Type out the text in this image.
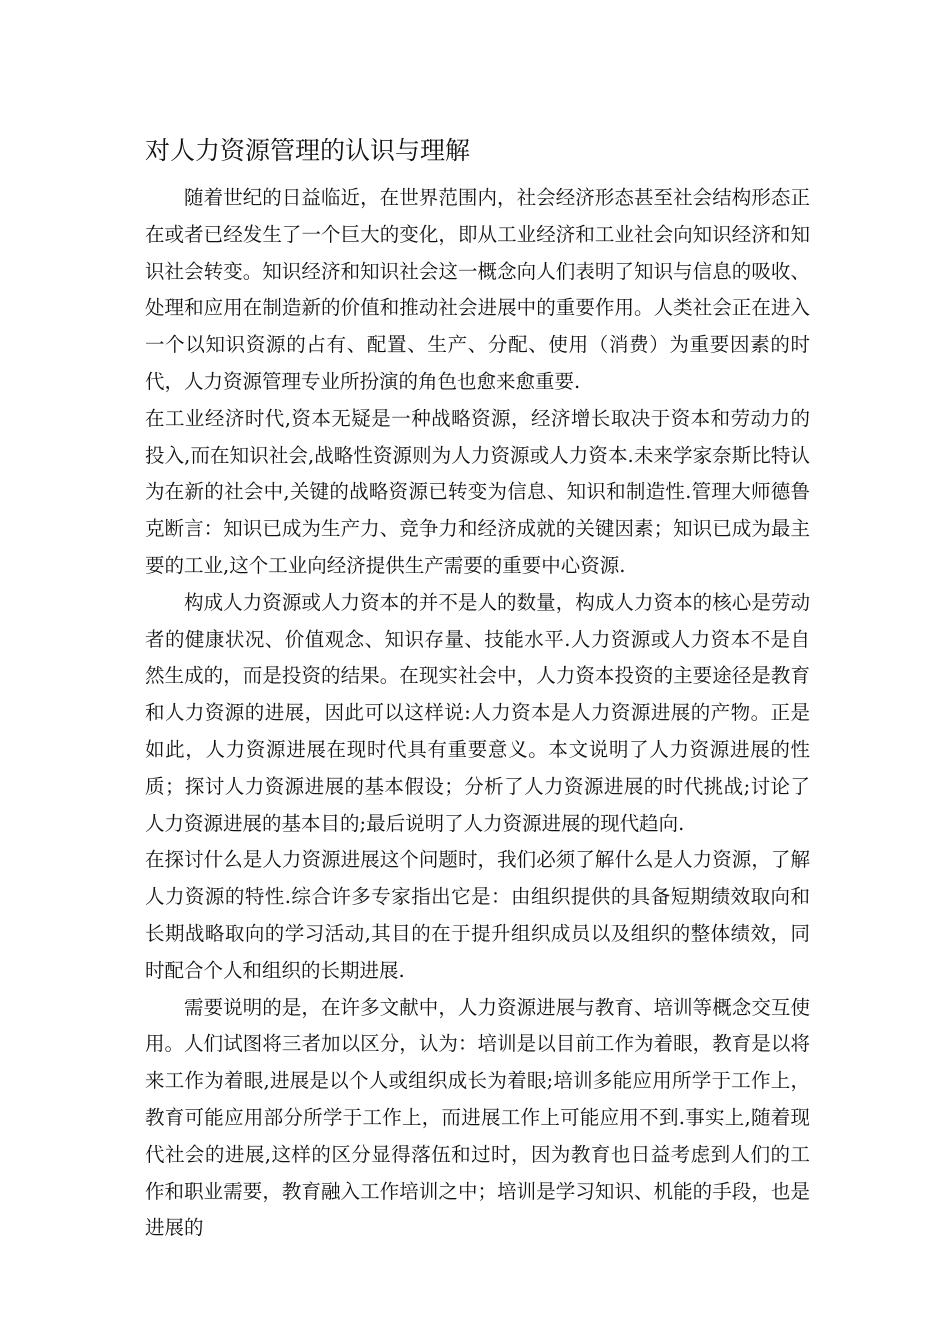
对人力资源管理的认识与理解

随着世纪的日益临近，在世界范围内，社会经济形态甚至社会结构形态正在或者已经发生了一个巨大的变化，即从工业经济和工业社会向知识经济和知识社会转变。知识经济和知识社会这一概念向人们表明了知识与信息的吸收、处理和应用在制造新的价值和推动社会进展中的重要作用。人类社会正在进入一个以知识资源的占有、配置、生产、分配、使用（消费）为重要因素的时代，人力资源管理专业所扮演的角色也愈来愈重要.

在工业经济时代,资本无疑是一种战略资源，经济增长取决于资本和劳动力的投入,而在知识社会,战略性资源则为人力资源或人力资本.未来学家奈斯比特认为在新的社会中,关键的战略资源已转变为信息、知识和制造性.管理大师德鲁克断言：知识已成为生产力、竞争力和经济成就的关键因素；知识已成为最主要的工业,这个工业向经济提供生产需要的重要中心资源.

构成人力资源或人力资本的并不是人的数量，构成人力资本的核心是劳动者的健康状况、价值观念、知识存量、技能水平.人力资源或人力资本不是自然生成的，而是投资的结果。在现实社会中，人力资本投资的主要途径是教育和人力资源的进展，因此可以这样说:人力资本是人力资源进展的产物。正是如此，人力资源进展在现时代具有重要意义。本文说明了人力资源进展的性质；探讨人力资源进展的基本假设；分析了人力资源进展的时代挑战;讨论了人力资源进展的基本目的;最后说明了人力资源进展的现代趋向.

在探讨什么是人力资源进展这个问题时，我们必须了解什么是人力资源，了解人力资源的特性.综合许多专家指出它是：由组织提供的具备短期绩效取向和长期战略取向的学习活动,其目的在于提升组织成员以及组织的整体绩效，同时配合个人和组织的长期进展.

需要说明的是，在许多文献中，人力资源进展与教育、培训等概念交互使用。人们试图将三者加以区分，认为：培训是以目前工作为着眼，教育是以将来工作为着眼,进展是以个人或组织成长为着眼;培训多能应用所学于工作上，教育可能应用部分所学于工作上，而进展工作上可能应用不到.事实上,随着现代社会的进展,这样的区分显得落伍和过时，因为教育也日益考虑到人们的工作和职业需要，教育融入工作培训之中；培训是学习知识、机能的手段，也是进展的
